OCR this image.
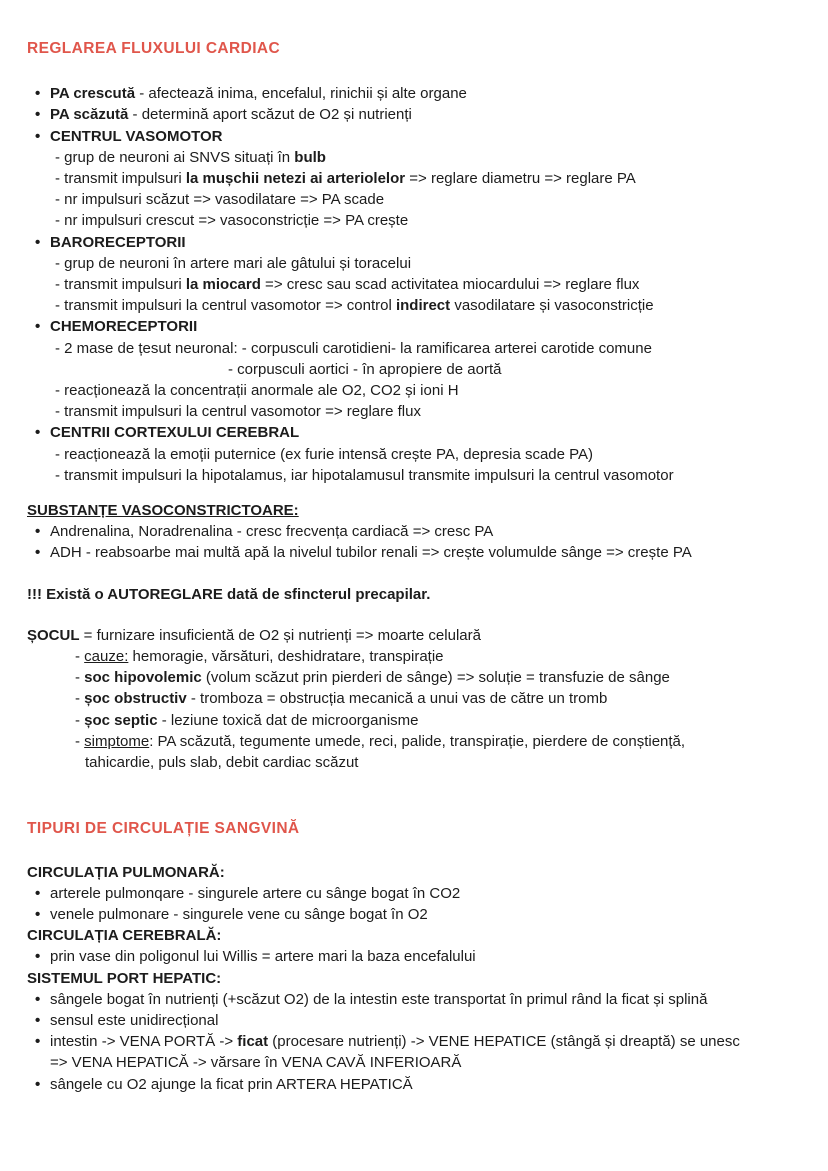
REGLAREA FLUXULUI CARDIAC
• PA crescută - afectează inima, encefalul, rinichii și alte organe
• PA scăzută - determină aport scăzut de O2 și nutrienți
• CENTRUL VASOMOTOR
- grup de neuroni ai SNVS situați în bulb
- transmit impulsuri la mușchii netezi ai arteriolelor => reglare diametru => reglare PA
- nr impulsuri scăzut => vasodilatare => PA scade
- nr impulsuri crescut => vasoconstricție => PA crește
• BARORECEPTORII
- grup de neuroni în artere mari ale gâtului și toracelui
- transmit impulsuri la miocard => cresc sau scad activitatea miocardului => reglare flux
- transmit impulsuri la centrul vasomotor => control indirect vasodilatare și vasoconstricție
• CHEMORECEPTORII
- 2 mase de țesut neuronal: - corpusculi carotidieni- la ramificarea arterei carotide comune
- corpusculi aortici - în apropiere de aortă
- reacționează la concentrații anormale ale O2, CO2 și ioni H
- transmit impulsuri la centrul vasomotor => reglare flux
• CENTRII CORTEXULUI CEREBRAL
- reacționează la emoții puternice (ex furie intensă crește PA, depresia scade PA)
- transmit impulsuri la hipotalamus, iar hipotalamusul transmite impulsuri la centrul vasomotor
SUBSTANȚE VASOCONSTRICTOARE:
• Andrenalina, Noradrenalina - cresc frecvența cardiacă => cresc PA
• ADH - reabsoarbe mai multă apă la nivelul tubilor renali => crește volumulde sânge => crește PA
!!! Există o AUTOREGLARE dată de sfincterul precapilar.
ȘOCUL = furnizare insuficientă de O2 și nutrienți => moarte celulară
- cauze: hemoragie, vărsături, deshidratare, transpirație
- soc hipovolemic (volum scăzut prin pierderi de sânge) => soluție = transfuzie de sânge
- șoc obstructiv - tromboza = obstrucția mecanică a unui vas de către un tromb
- șoc septic - leziune toxică dat de microorganisme
- simptome: PA scăzută, tegumente umede, reci, palide, transpirație, pierdere de conștiență,
tahicardie, puls slab, debit cardiac scăzut
TIPURI DE CIRCULAȚIE SANGVINĂ
CIRCULAȚIA PULMONARĂ:
• arterele pulmonqare - singurele artere cu sânge bogat în CO2
• venele pulmonare - singurele vene cu sânge bogat în O2
CIRCULAȚIA CEREBRALĂ:
• prin vase din poligonul lui Willis = artere mari la baza encefalului
SISTEMUL PORT HEPATIC:
• sângele bogat în nutrienți (+scăzut O2) de la intestin este transportat în primul rând la ficat și splină
• sensul este unidirecțional
• intestin -> VENA PORTĂ -> ficat (procesare nutrienți) -> VENE HEPATICE (stângă și dreaptă) se unesc
=> VENA HEPATICĂ -> vărsare în VENA CAVĂ INFERIOARĂ
• sângele cu O2 ajunge la ficat prin ARTERA HEPATICĂ
